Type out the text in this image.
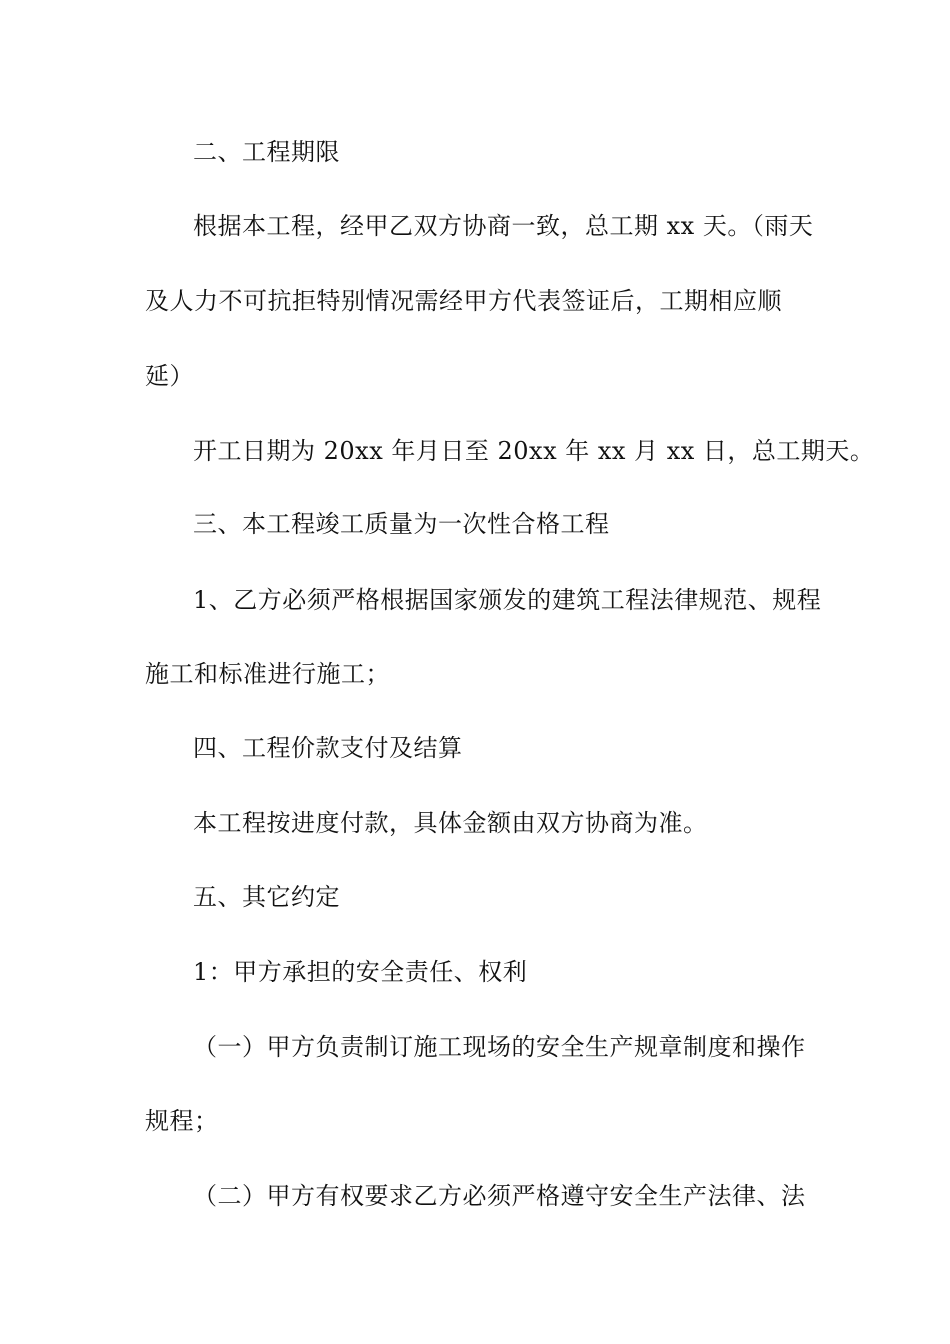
二、工程期限
根据本工程，经甲乙双方协商一致，总工期 xx 天。（雨天
及人力不可抗拒特别情况需经甲方代表签证后，工期相应顺
延）
开工日期为 20xx 年月日至 20xx 年 xx 月 xx 日，总工期天。
三、本工程竣工质量为一次性合格工程
1、乙方必须严格根据国家颁发的建筑工程法律规范、规程
施工和标准进行施工；
四、工程价款支付及结算
本工程按进度付款，具体金额由双方协商为准。
五、其它约定
1：甲方承担的安全责任、权利
（一）甲方负责制订施工现场的安全生产规章制度和操作
规程；
（二）甲方有权要求乙方必须严格遵守安全生产法律、法
